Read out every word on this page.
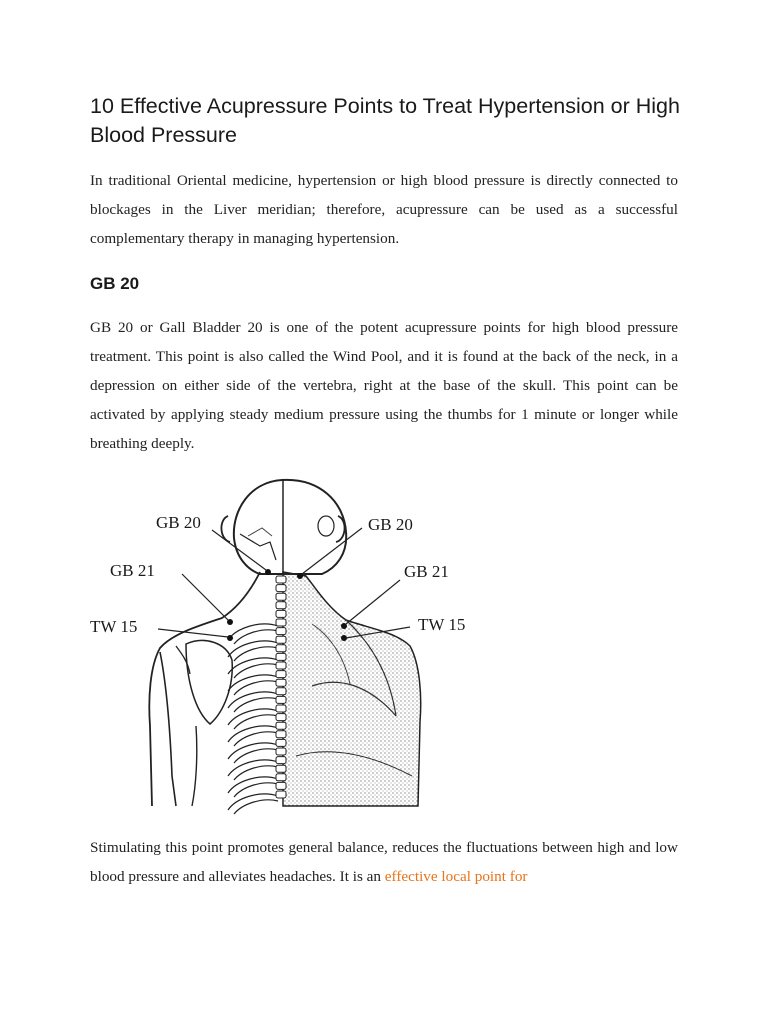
10 Effective Acupressure Points to Treat Hypertension or High Blood Pressure

In traditional Oriental medicine, hypertension or high blood pressure is directly connected to blockages in the Liver meridian; therefore, acupressure can be used as a successful complementary therapy in managing hypertension.

GB 20

GB 20 or Gall Bladder 20 is one of the potent acupressure points for high blood pressure treatment. This point is also called the Wind Pool, and it is found at the back of the neck, in a depression on either side of the vertebra, right at the base of the skull. This point can be activated by applying steady medium pressure using the thumbs for 1 minute or longer while breathing deeply.

GB 20
GB 21
TW 15
GB 20
GB 21
TW 15

Stimulating this point promotes general balance, reduces the fluctuations between high and low blood pressure and alleviates headaches. It is an effective local point for
